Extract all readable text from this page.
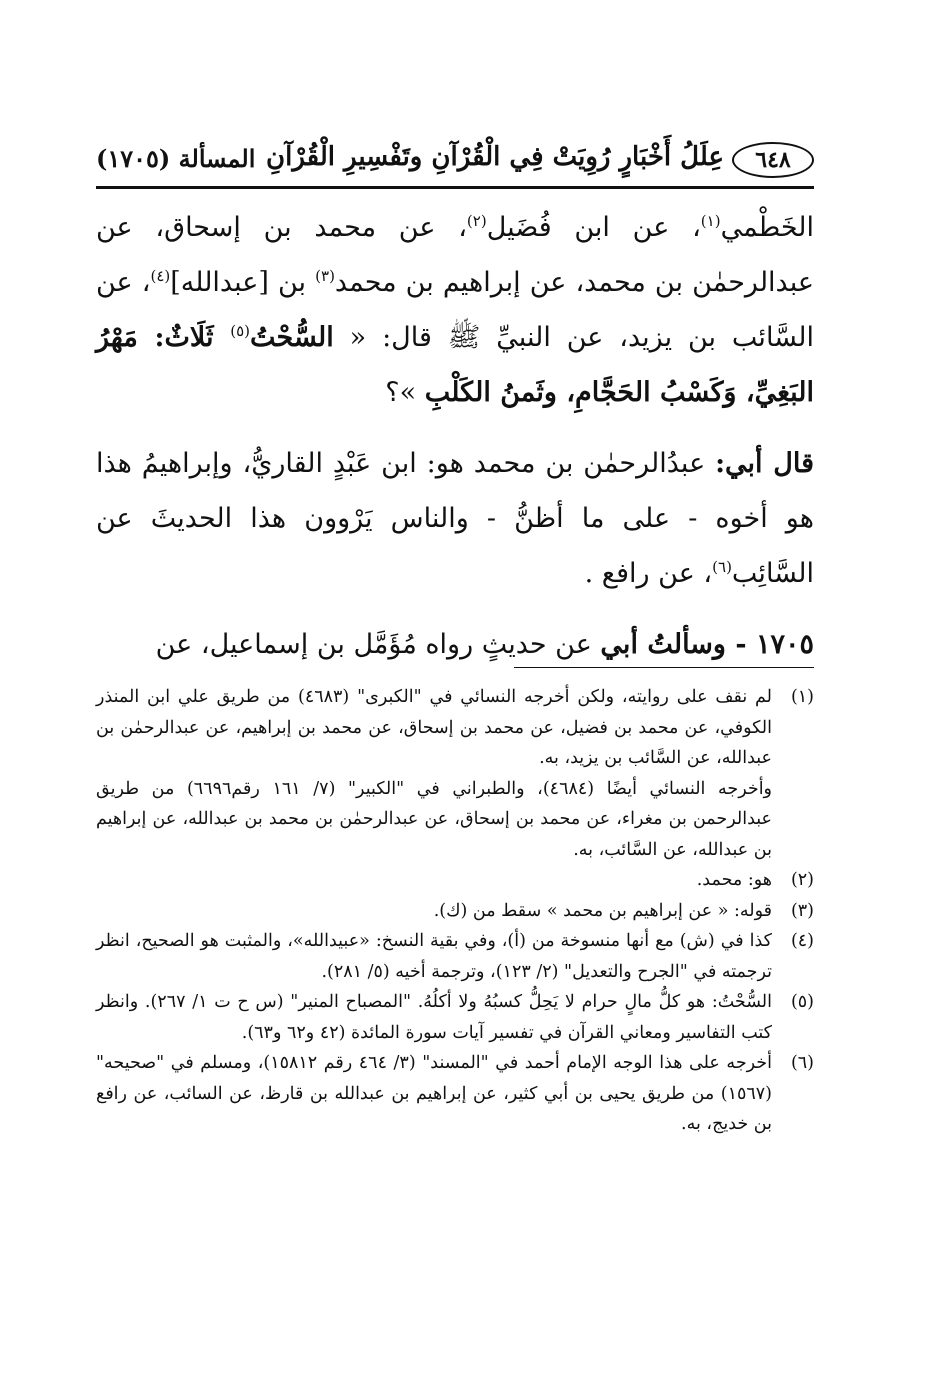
٦٤٨
عِلَلُ أَخْبَارٍ رُوِيَتْ فِي الْقُرْآنِ وتَفْسِيرِ الْقُرْآنِ
المسألة (١٧٠٥)

الخَطْمي$^{(١)}$، عن ابن فُضَيل$^{(٢)}$، عن محمد بن إسحاق، عن عبدالرحمٰن بن محمد، عن إبراهيم بن محمد$^{(٣)}$ بن [عبدالله]$^{(٤)}$، عن السَّائب بن يزيد، عن النبيِّ ﷺ قال: « السُّحْتُ$^{(٥)}$ ثَلَاثٌ: مَهْرُ البَغِيِّ، وَكَسْبُ الحَجَّامِ، وثَمنُ الكَلْبِ »؟

قال أبي: عبدُالرحمٰن بن محمد هو: ابن عَبْدٍ القاريُّ، وإبراهيمُ هذا هو أخوه - على ما أظنُّ - والناس يَرْوون هذا الحديثَ عن السَّائِب$^{(٦)}$، عن رافع .

١٧٠٥ - وسألتُ أبي عن حديثٍ رواه مُؤَمَّل بن إسماعيل، عن

(١)

لم نقف على روايته، ولكن أخرجه النسائي في "الكبرى" (٤٦٨٣) من طريق علي ابن المنذر الكوفي، عن محمد بن فضيل، عن محمد بن إسحاق، عن محمد بن إبراهيم، عن عبدالرحمٰن بن عبدالله، عن السَّائب بن يزيد، به.

وأخرجه النسائي أيضًا (٤٦٨٤)، والطبراني في "الكبير" (٧/ ١٦١ رقم٦٦٩٦) من طريق عبدالرحمن بن مغراء، عن محمد بن إسحاق، عن عبدالرحمٰن بن محمد بن عبدالله، عن إبراهيم بن عبدالله، عن السَّائب، به.

(٢)

هو: محمد.

(٣)

قوله: « عن إبراهيم بن محمد » سقط من (ك).

(٤)

كذا في (ش) مع أنها منسوخة من (أ)، وفي بقية النسخ: «عبيدالله»، والمثبت هو الصحيح، انظر ترجمته في "الجرح والتعديل" (٢/ ١٢٣)، وترجمة أخيه (٥/ ٢٨١).

(٥)

السُّحْتُ: هو كلُّ مالٍ حرام لا يَحِلُّ كسبُهُ ولا أكلُهُ. "المصباح المنير" (س ح ت ١/ ٢٦٧). وانظر كتب التفاسير ومعاني القرآن في تفسير آيات سورة المائدة (٤٢ و٦٢ و٦٣).

(٦)

أخرجه على هذا الوجه الإمام أحمد في "المسند" (٣/ ٤٦٤ رقم ١٥٨١٢)، ومسلم في "صحيحه" (١٥٦٧) من طريق يحيى بن أبي كثير، عن إبراهيم بن عبدالله بن قارظ، عن السائب، عن رافع بن خديج، به.
